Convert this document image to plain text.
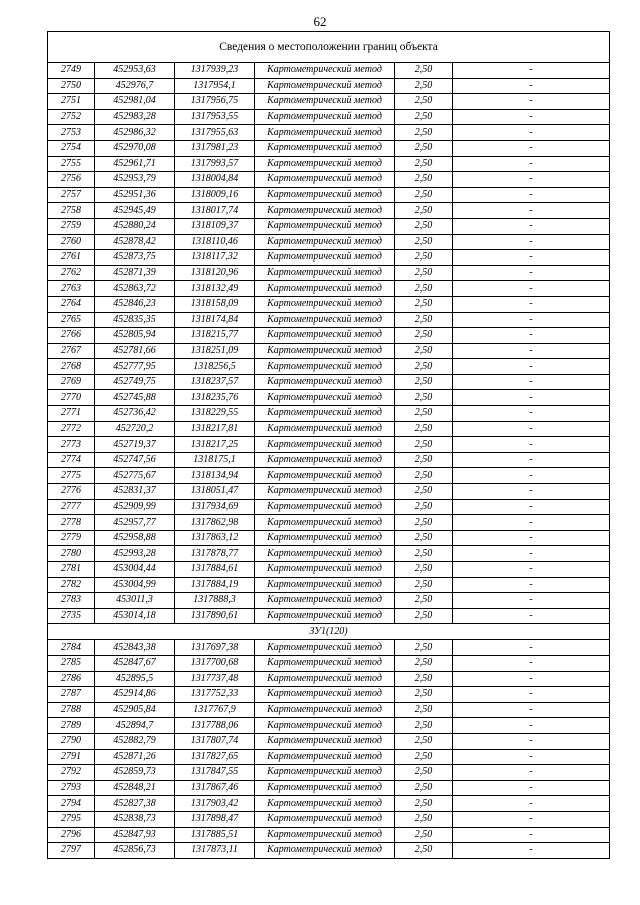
62
Сведения о местоположении границ объекта					
2749	452953,63	1317939,23	Картометрический метод	2,50	-
2750	452976,7	1317954,1	Картометрический метод	2,50	-
2751	452981,04	1317956,75	Картометрический метод	2,50	-
2752	452983,28	1317953,55	Картометрический метод	2,50	-
2753	452986,32	1317955,63	Картометрический метод	2,50	-
2754	452970,08	1317981,23	Картометрический метод	2,50	-
2755	452961,71	1317993,57	Картометрический метод	2,50	-
2756	452953,79	1318004,84	Картометрический метод	2,50	-
2757	452951,36	1318009,16	Картометрический метод	2,50	-
2758	452945,49	1318017,74	Картометрический метод	2,50	-
2759	452880,24	1318109,37	Картометрический метод	2,50	-
2760	452878,42	1318110,46	Картометрический метод	2,50	-
2761	452873,75	1318117,32	Картометрический метод	2,50	-
2762	452871,39	1318120,96	Картометрический метод	2,50	-
2763	452863,72	1318132,49	Картометрический метод	2,50	-
2764	452846,23	1318158,09	Картометрический метод	2,50	-
2765	452835,35	1318174,84	Картометрический метод	2,50	-
2766	452805,94	1318215,77	Картометрический метод	2,50	-
2767	452781,66	1318251,09	Картометрический метод	2,50	-
2768	452777,95	1318256,5	Картометрический метод	2,50	-
2769	452749,75	1318237,57	Картометрический метод	2,50	-
2770	452745,88	1318235,76	Картометрический метод	2,50	-
2771	452736,42	1318229,55	Картометрический метод	2,50	-
2772	452720,2	1318217,81	Картометрический метод	2,50	-
2773	452719,37	1318217,25	Картометрический метод	2,50	-
2774	452747,56	1318175,1	Картометрический метод	2,50	-
2775	452775,67	1318134,94	Картометрический метод	2,50	-
2776	452831,37	1318051,47	Картометрический метод	2,50	-
2777	452909,99	1317934,69	Картометрический метод	2,50	-
2778	452957,77	1317862,98	Картометрический метод	2,50	-
2779	452958,88	1317863,12	Картометрический метод	2,50	-
2780	452993,28	1317878,77	Картометрический метод	2,50	-
2781	453004,44	1317884,61	Картометрический метод	2,50	-
2782	453004,99	1317884,19	Картометрический метод	2,50	-
2783	453011,3	1317888,3	Картометрический метод	2,50	-
2735	453014,18	1317890,61	Картометрический метод	2,50	-
ЗУ1(120)					
2784	452843,38	1317697,38	Картометрический метод	2,50	-
2785	452847,67	1317700,68	Картометрический метод	2,50	-
2786	452895,5	1317737,48	Картометрический метод	2,50	-
2787	452914,86	1317752,33	Картометрический метод	2,50	-
2788	452905,84	1317767,9	Картометрический метод	2,50	-
2789	452894,7	1317788,06	Картометрический метод	2,50	-
2790	452882,79	1317807,74	Картометрический метод	2,50	-
2791	452871,26	1317827,65	Картометрический метод	2,50	-
2792	452859,73	1317847,55	Картометрический метод	2,50	-
2793	452848,21	1317867,46	Картометрический метод	2,50	-
2794	452827,38	1317903,42	Картометрический метод	2,50	-
2795	452838,73	1317898,47	Картометрический метод	2,50	-
2796	452847,93	1317885,51	Картометрический метод	2,50	-
2797	452856,73	1317873,11	Картометрический метод	2,50	-
